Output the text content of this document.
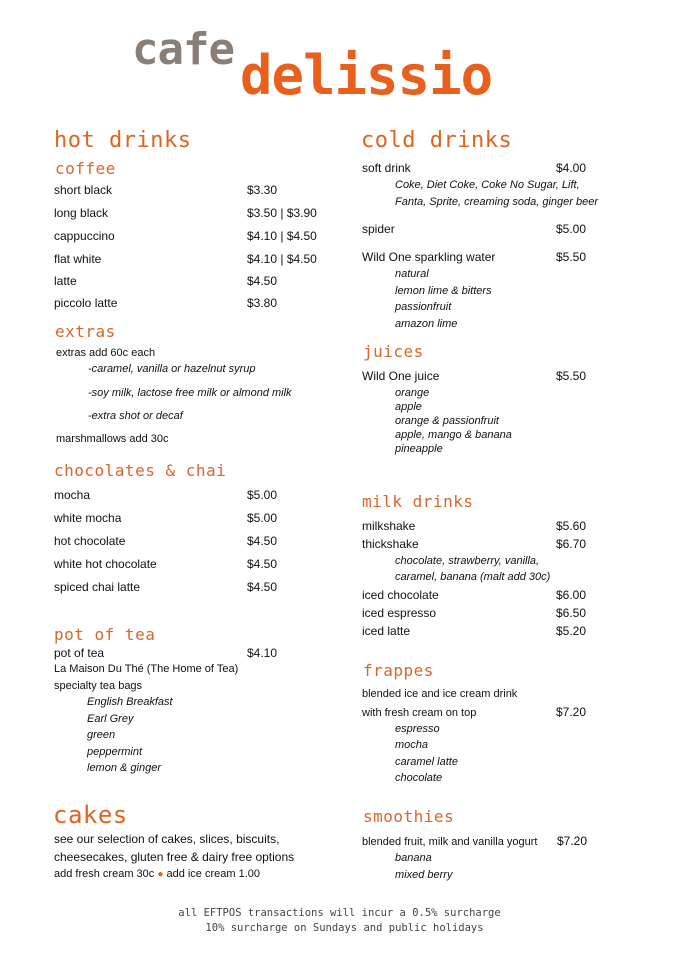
cafe delissio
hot drinks
coffee
short black	$3.30
long black	$3.50 | $3.90
cappuccino	$4.10 | $4.50
flat white	$4.10 | $4.50
latte	$4.50
piccolo latte	$3.80
extras
extras add 60c each
-caramel, vanilla or hazelnut syrup
-soy milk, lactose free milk or almond milk
-extra shot or decaf
marshmallows add 30c
chocolates & chai
mocha	$5.00
white mocha	$5.00
hot chocolate	$4.50
white hot chocolate	$4.50
spiced chai latte	$4.50
pot of tea
pot of tea	$4.10
La Maison Du Thé (The Home of Tea)
specialty tea bags
English Breakfast
Earl Grey
green
peppermint
lemon & ginger
cakes
see our selection of cakes, slices, biscuits,
cheesecakes, gluten free & dairy free options
add fresh cream 30c ● add ice cream 1.00
cold drinks
soft drink	$4.00
Coke, Diet Coke, Coke No Sugar, Lift,
Fanta, Sprite, creaming soda, ginger beer
spider	$5.00
Wild One sparkling water	$5.50
natural
lemon lime & bitters
passionfruit
amazon lime
juices
Wild One juice	$5.50
orange
apple
orange & passionfruit
apple, mango & banana
pineapple
milk drinks
milkshake	$5.60
thickshake	$6.70
chocolate, strawberry, vanilla,
caramel, banana (malt add 30c)
iced chocolate	$6.00
iced espresso	$6.50
iced latte	$5.20
frappes
blended ice and ice cream drink
with fresh cream on top	$7.20
espresso
mocha
caramel latte
chocolate
smoothies
blended fruit, milk and vanilla yogurt $7.20
banana
mixed berry
all EFTPOS transactions will incur a 0.5% surcharge
10% surcharge on Sundays and public holidays
